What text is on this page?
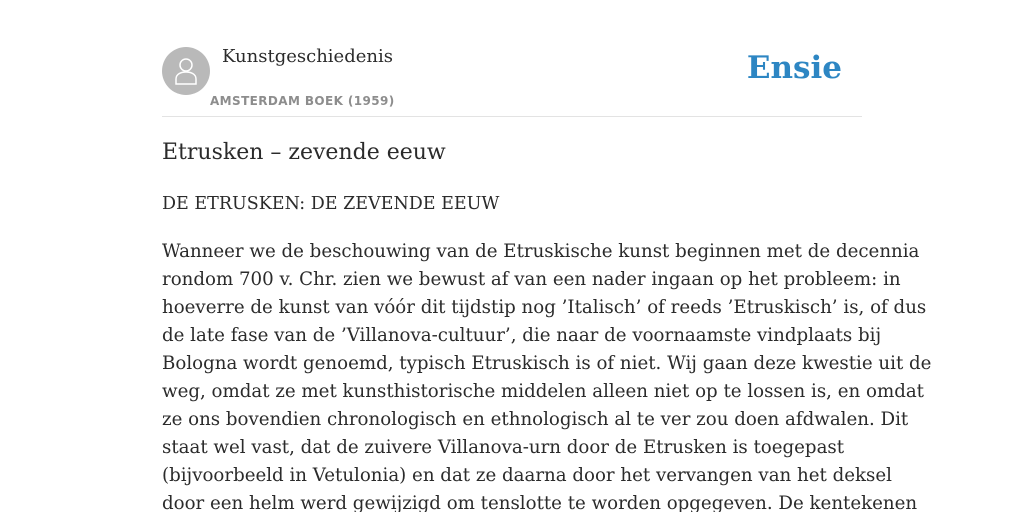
Kunstgeschiedenis
AMSTERDAM BOEK (1959)
Ensie
Etrusken – zevende eeuw
DE ETRUSKEN: DE ZEVENDE EEUW
Wanneer we de beschouwing van de Etruskische kunst beginnen met de decennia
rondom 700 v. Chr. zien we bewust af van een nader ingaan op het probleem: in
hoeverre de kunst van vóór dit tijdstip nog ’Italisch’ of reeds ’Etruskisch’ is, of dus
de late fase van de ’Villanova-cultuur’, die naar de voornaamste vindplaats bij
Bologna wordt genoemd, typisch Etruskisch is of niet. Wij gaan deze kwestie uit de
weg, omdat ze met kunsthistorische middelen alleen niet op te lossen is, en omdat
ze ons bovendien chronologisch en ethnologisch al te ver zou doen afdwalen. Dit
staat wel vast, dat de zuivere Villanova-urn door de Etrusken is toegepast
(bijvoorbeeld in Vetulonia) en dat ze daarna door het vervangen van het deksel
door een helm werd gewijzigd om tenslotte te worden opgegeven. De kentekenen
